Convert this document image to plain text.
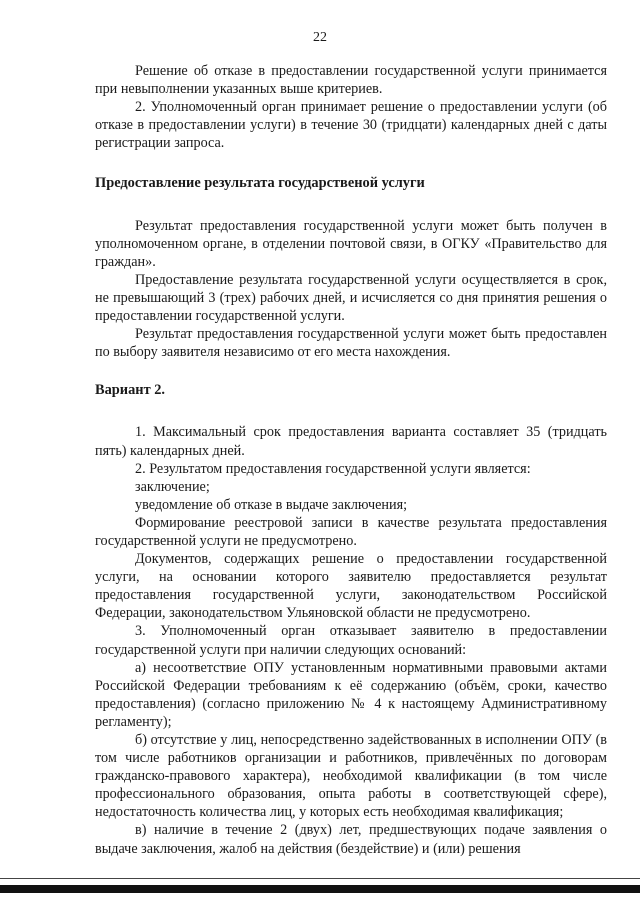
22

Решение об отказе в предоставлении государственной услуги принимается при невыполнении указанных выше критериев.

2. Уполномоченный орган принимает решение о предоставлении услуги (об отказе в предоставлении услуги) в течение 30 (тридцати) календарных дней с даты регистрации запроса.

Предоставление результата государственой услуги

Результат предоставления государственной услуги может быть получен в уполномоченном органе, в отделении почтовой связи, в ОГКУ «Правительство для граждан».

Предоставление результата государственной услуги осуществляется в срок, не превышающий 3 (трех) рабочих дней, и исчисляется со дня принятия решения о предоставлении государственной услуги.

Результат предоставления государственной услуги может быть предоставлен по выбору заявителя независимо от его места нахождения.

Вариант 2.

1. Максимальный срок предоставления варианта составляет 35 (тридцать пять) календарных дней.

2. Результатом предоставления государственной услуги является:

заключение;

уведомление об отказе в выдаче заключения;

Формирование реестровой записи в качестве результата предоставления государственной услуги не предусмотрено.

Документов, содержащих решение о предоставлении государственной услуги, на основании которого заявителю предоставляется результат предоставления государственной услуги, законодательством Российской Федерации, законодательством Ульяновской области не предусмотрено.

3. Уполномоченный орган отказывает заявителю в предоставлении государственной услуги при наличии следующих оснований:

а) несоответствие ОПУ установленным нормативными правовыми актами Российской Федерации требованиям к её содержанию (объём, сроки, качество предоставления) (согласно приложению № 4 к настоящему Административному регламенту);

б) отсутствие у лиц, непосредственно задействованных в исполнении ОПУ (в том числе работников организации и работников, привлечённых по договорам гражданско-правового характера), необходимой квалификации (в том числе профессионального образования, опыта работы в соответствующей сфере), недостаточность количества лиц, у которых есть необходимая квалификация;

в) наличие в течение 2 (двух) лет, предшествующих подаче заявления о выдаче заключения, жалоб на действия (бездействие) и (или) решения
